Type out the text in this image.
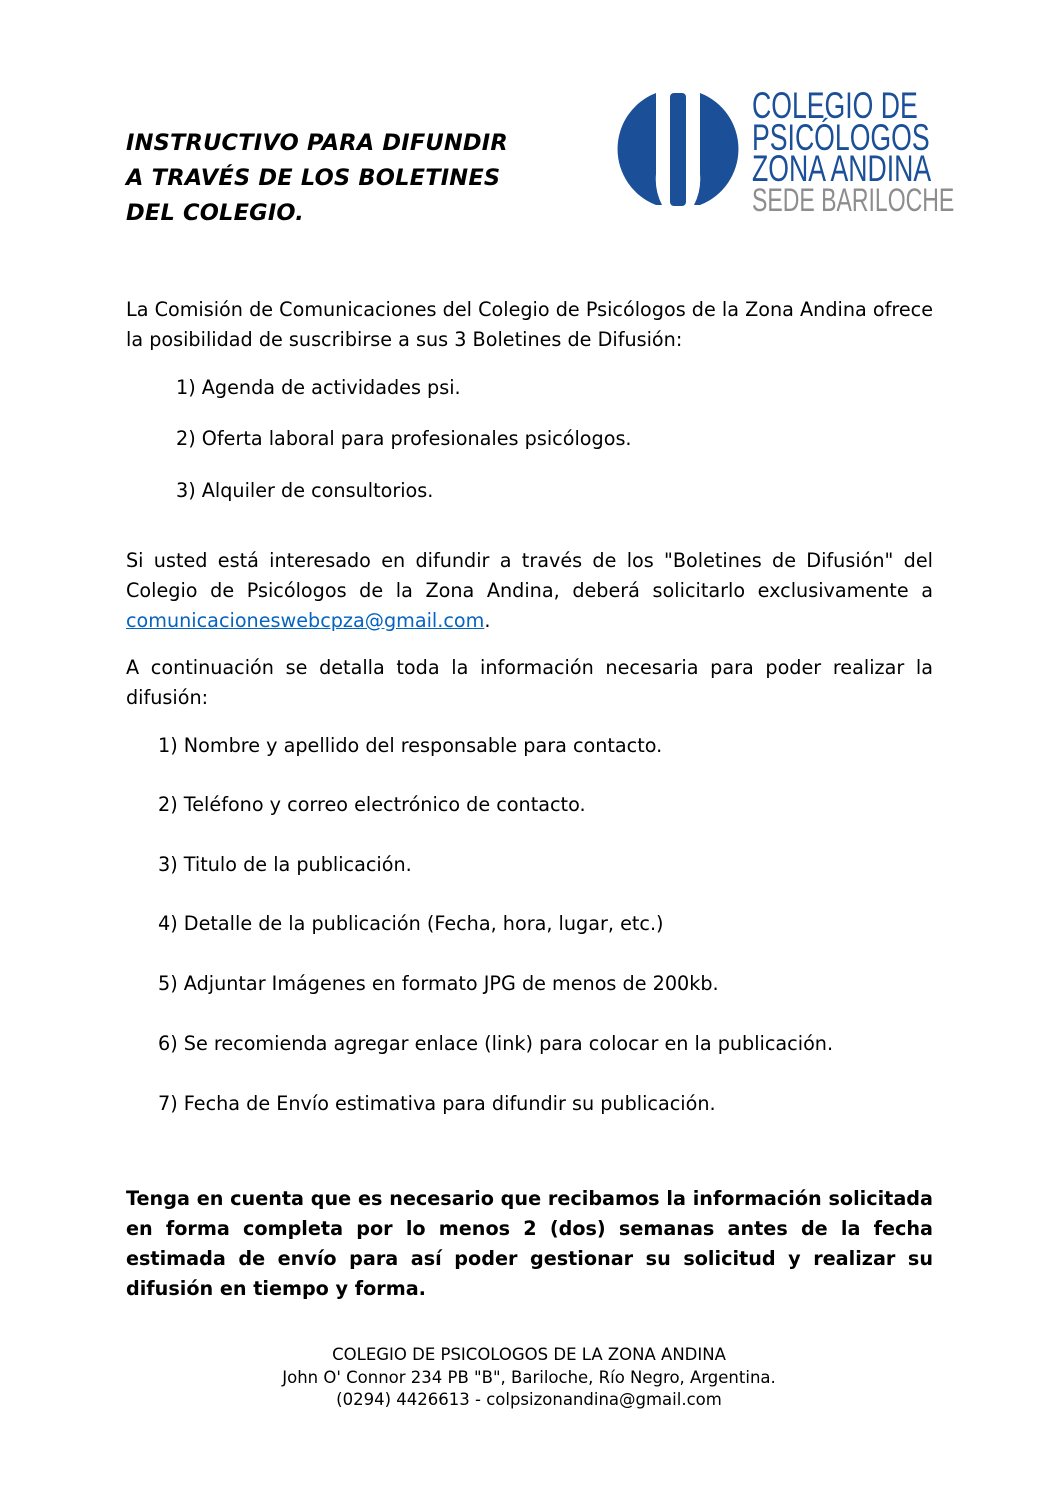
INSTRUCTIVO PARA DIFUNDIR
A TRAVÉS DE LOS BOLETINES
DEL COLEGIO.
COLEGIO DE
PSICÓLOGOS
ZONA ANDINA
SEDE BARILOCHE

La Comisión de Comunicaciones del Colegio de Psicólogos de la Zona Andina ofrece la posibilidad de suscribirse a sus 3 Boletines de Difusión:

1) Agenda de actividades psi.

2) Oferta laboral para profesionales psicólogos.

3) Alquiler de consultorios.

Si usted está interesado en difundir a través de los "Boletines de Difusión" del Colegio de Psicólogos de la Zona Andina, deberá solicitarlo exclusivamente a comunicacioneswebcpza@gmail.com.

A continuación se detalla toda la información necesaria para poder realizar la difusión:

1) Nombre y apellido del responsable para contacto.

2) Teléfono y correo electrónico de contacto.

3) Titulo de la publicación.

4) Detalle de la publicación (Fecha, hora, lugar, etc.)

5) Adjuntar Imágenes en formato JPG de menos de 200kb.

6) Se recomienda agregar enlace (link) para colocar en la publicación.

7) Fecha de Envío estimativa para difundir su publicación.

Tenga en cuenta que es necesario que recibamos la información solicitada en forma completa por lo menos 2 (dos) semanas antes de la fecha estimada de envío para así poder gestionar su solicitud y realizar su difusión en tiempo y forma.

COLEGIO DE PSICOLOGOS DE LA ZONA ANDINA
John O' Connor 234 PB "B", Bariloche, Río Negro, Argentina.
(0294) 4426613 - colpsizonandina@gmail.com
